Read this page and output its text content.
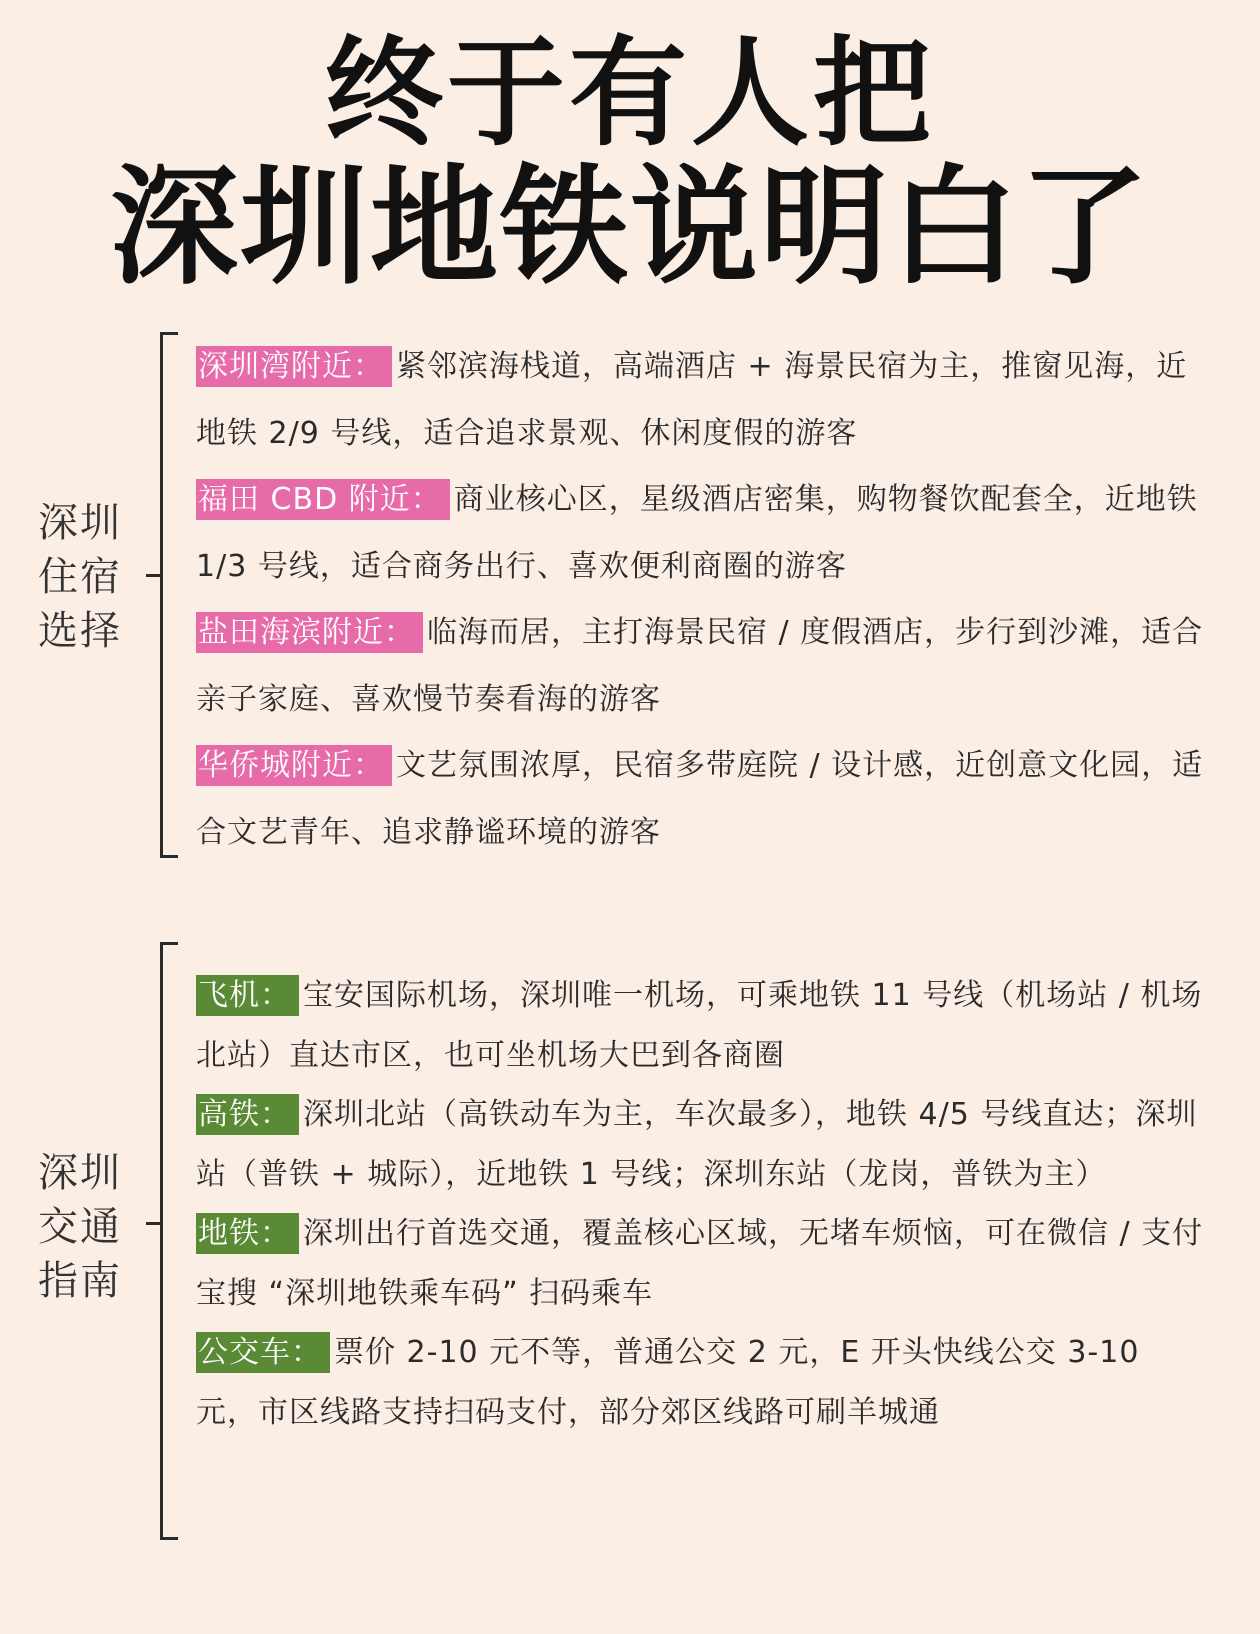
终于有人把
深圳地铁说明白了
深圳
住宿
选择
深圳湾附近： 紧邻滨海栈道，高端酒店 + 海景民宿为主，推窗见海，近地铁 2/9 号线，适合追求景观、休闲度假的游客
福田 CBD 附近： 商业核心区，星级酒店密集，购物餐饮配套全，近地铁 1/3 号线，适合商务出行、喜欢便利商圈的游客
盐田海滨附近： 临海而居，主打海景民宿 / 度假酒店，步行到沙滩，适合亲子家庭、喜欢慢节奏看海的游客
华侨城附近： 文艺氛围浓厚，民宿多带庭院 / 设计感，近创意文化园，适合文艺青年、追求静谧环境的游客
深圳
交通
指南
飞机： 宝安国际机场，深圳唯一机场，可乘地铁 11 号线（机场站 / 机场北站）直达市区，也可坐机场大巴到各商圈
高铁： 深圳北站（高铁动车为主，车次最多），地铁 4/5 号线直达；深圳站（普铁 + 城际），近地铁 1 号线；深圳东站（龙岗，普铁为主）
地铁： 深圳出行首选交通，覆盖核心区域，无堵车烦恼，可在微信 / 支付宝搜 “深圳地铁乘车码” 扫码乘车
公交车： 票价 2-10 元不等，普通公交 2 元，E 开头快线公交 3-10 元，市区线路支持扫码支付，部分郊区线路可刷羊城通
